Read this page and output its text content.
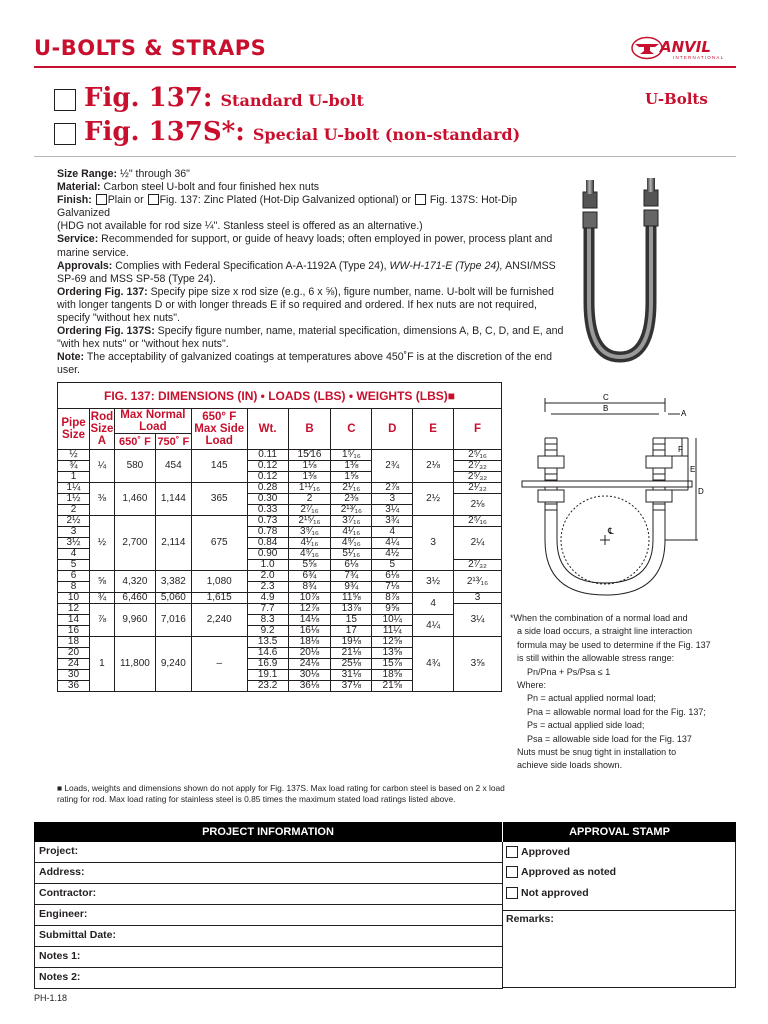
U-BOLTS & STRAPS	ANVIL
INTERNATIONAL
Fig. 137: Standard U-bolt
Fig. 137S*: Special U-bolt (non-standard)
U-Bolts

Size Range: ½" through 36"

Material: Carbon steel U-bolt and four finished hex nuts

Finish: Plain or Fig. 137: Zinc Plated (Hot-Dip Galvanized optional) or Fig. 137S: Hot-Dip Galvanized
(HDG not available for rod size ¼". Stanless steel is offered as an alternative.)

Service: Recommended for support, or guide of heavy loads; often employed in power, process plant and marine service.

Approvals: Complies with Federal Specification A-A-1192A (Type 24), WW-H-171-E (Type 24), ANSI/MSS SP-69 and MSS SP-58 (Type 24).

Ordering Fig. 137: Specify pipe size x rod size (e.g., 6 x ⅝), figure number, name. U-bolt will be furnished with longer tangents D or with longer threads E if so required and ordered. If hex nuts are not required, specify "without hex nuts".

Ordering Fig. 137S: Specify figure number, name, material specification, dimensions A, B, C, D, and E, and "with hex nuts" or "without hex nuts".

Note: The acceptability of galvanized coatings at temperatures above 450˚F is at the discretion of the end user.

FIG. 137: DIMENSIONS (IN) • LOADS (LBS) • WEIGHTS (LBS)■										
Pipe Size	Rod Size A	Max Normal Load		650° F Max Side Load	Wt.	B	C	D	E	F
		650˚ F	750˚ F							
½	¼	580	454	145	0.11	15⁄16	1⁵⁄₁₆	2¾	2⅛	2⁵⁄₁₆
¾					0.12	1⅛	1⅜			2⁷⁄₃₂
1					0.12	1⅜	1⅝			2⁵⁄₃₂
1¼	⅜	1,460	1,144	365	0.28	1¹¹⁄₁₆	2¹⁄₁₆	2⅞	2½	2¹⁄₃₂
1½					0.30	2	2⅜	3		2⅛
2					0.33	2⁷⁄₁₆	2¹³⁄₁₆	3¼		
2½	½	2,700	2,114	675	0.73	2¹⁵⁄₁₆	3⁷⁄₁₆	3¾	3	2⁵⁄₁₆
3					0.78	3⁹⁄₁₆	4¹⁄₁₆	4		2¼
3½					0.84	4¹⁄₁₆	4⁹⁄₁₆	4¼		
4					0.90	4⁹⁄₁₆	5¹⁄₁₆	4½		
5					1.0	5⅝	6⅛	5		2⁷⁄₃₂
6	⅝	4,320	3,382	1,080	2.0	6¾	7¾	6⅛	3½	2¹³⁄₁₆
8					2.3	8¾	9¾	7⅛		
10	¾	6,460	5,060	1,615	4.9	10⅞	11⅝	8⅞	4	3
12	⅞	9,960	7,016	2,240	7.7	12⅞	13⅞	9⅝		3¼
14					8.3	14⅛	15	10¼	4¼	
16					9.2	16⅛	17	11¼		
18	1	11,800	9,240	–	13.5	18⅛	19⅛	12⅝	4¾	3⅝
20					14.6	20⅛	21⅛	13⅝		
24					16.9	24⅛	25⅛	15⅞		
30					19.1	30⅛	31⅛	18⅝		
36					23.2	36⅛	37⅛	21⅝		
■ Loads, weights and dimensions shown do not apply for Fig. 137S. Max load rating for carbon steel is based on 2 x load rating for rod. Max load rating for stainless steel is 0.85 times the maximum stated load ratings listed above.
C
B
A
F
E
D
℄
*When the combination of a normal load and
a side load occurs, a straight line interaction
formula may be used to determine if the Fig. 137
is still within the allowable stress range:
Pn/Pna + Ps/Psa ≤ 1
Where:
Pn = actual applied normal load;
Pna = allowable normal load for the Fig. 137;
Ps = actual applied side load;
Psa = allowable side load for the Fig. 137
Nuts must be snug tight in installation to
achieve side loads shown.
PROJECT INFORMATION	APPROVAL STAMP
Project:
Address:
Contractor:
Engineer:
Submittal Date:
Notes 1:
Notes 2:
Approved
Approved as noted
Not approved
Remarks:
PH-1.18
